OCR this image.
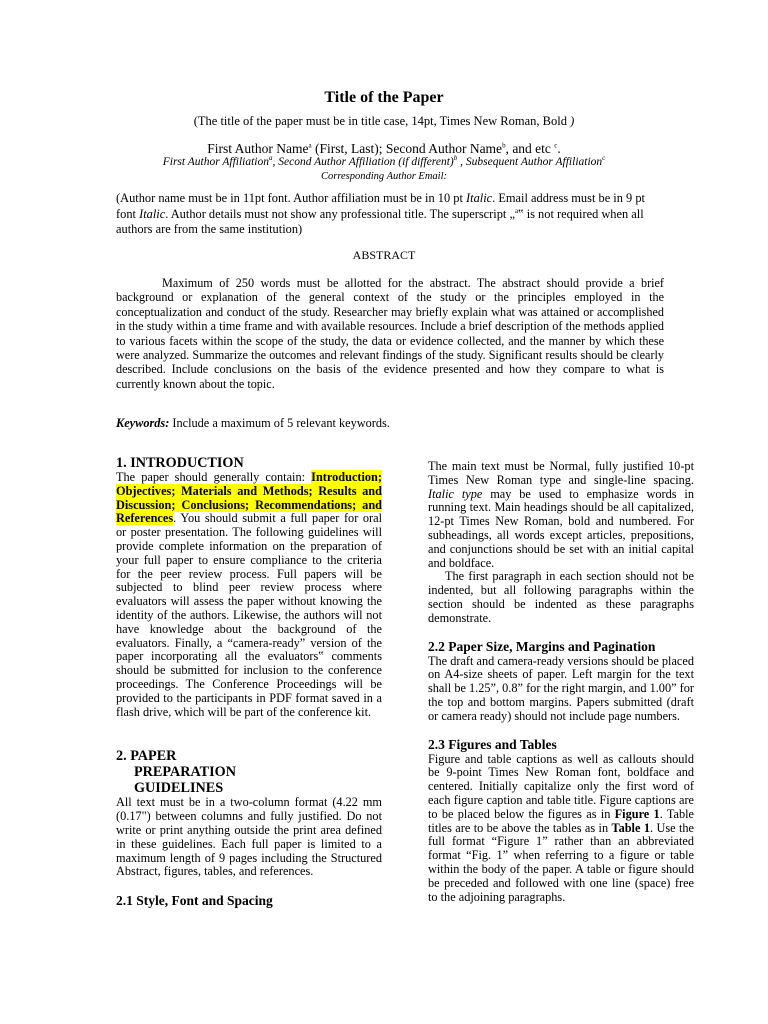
Title of the Paper
(The title of the paper must be in title case, 14pt, Times New Roman, Bold )
First Author Name$^a$ (First, Last); Second Author Name$^b$, and etc $^c$.
First Author Affiliation$^a$, Second Author Affiliation (if different)$^b$ , Subsequent Author Affiliation$^c$
Corresponding Author Email:
(Author name must be in 11pt font. Author affiliation must be in 10 pt Italic. Email address must be in 9 pt font Italic. Author details must not show any professional title. The superscript „$^a$‟ is not required when all authors are from the same institution)
ABSTRACT
Maximum of 250 words must be allotted for the abstract. The abstract should provide a brief background or explanation of the general context of the study or the principles employed in the conceptualization and conduct of the study. Researcher may briefly explain what was attained or accomplished in the study within a time frame and with available resources. Include a brief description of the methods applied to various facets within the scope of the study, the data or evidence collected, and the manner by which these were analyzed. Summarize the outcomes and relevant findings of the study. Significant results should be clearly described. Include conclusions on the basis of the evidence presented and how they compare to what is currently known about the topic.
Keywords: Include a maximum of 5 relevant keywords.
1. INTRODUCTION
The paper should generally contain: Introduction; Objectives; Materials and Methods; Results and Discussion; Conclusions; Recommendations; and References. You should submit a full paper for oral or poster presentation. The following guidelines will provide complete information on the preparation of your full paper to ensure compliance to the criteria for the peer review process. Full papers will be subjected to blind peer review process where evaluators will assess the paper without knowing the identity of the authors. Likewise, the authors will not have knowledge about the background of the evaluators. Finally, a “camera-ready” version of the paper incorporating all the evaluators‟ comments should be submitted for inclusion to the conference proceedings. The Conference Proceedings will be provided to the participants in PDF format saved in a flash drive, which will be part of the conference kit.
2. PAPER
PREPARATION
GUIDELINES
All text must be in a two-column format (4.22 mm (0.17") between columns and fully justified. Do not write or print anything outside the print area defined in these guidelines. Each full paper is limited to a maximum length of 9 pages including the Structured Abstract, figures, tables, and references.
2.1 Style, Font and Spacing
The main text must be Normal, fully justified 10-pt Times New Roman type and single-line spacing. Italic type may be used to emphasize words in running text. Main headings should be all capitalized, 12-pt Times New Roman, bold and numbered. For subheadings, all words except articles, prepositions, and conjunctions should be set with an initial capital and boldface.
The first paragraph in each section should not be indented, but all following paragraphs within the section should be indented as these paragraphs demonstrate.
2.2 Paper Size, Margins and Pagination
The draft and camera-ready versions should be placed on A4-size sheets of paper. Left margin for the text shall be 1.25”, 0.8” for the right margin, and 1.00” for the top and bottom margins. Papers submitted (draft or camera ready) should not include page numbers.
2.3 Figures and Tables
Figure and table captions as well as callouts should be 9-point Times New Roman font, boldface and centered. Initially capitalize only the first word of each figure caption and table title. Figure captions are to be placed below the figures as in Figure 1. Table titles are to be above the tables as in Table 1. Use the full format “Figure 1” rather than an abbreviated format “Fig. 1” when referring to a figure or table within the body of the paper. A table or figure should be preceded and followed with one line (space) free to the adjoining paragraphs.
